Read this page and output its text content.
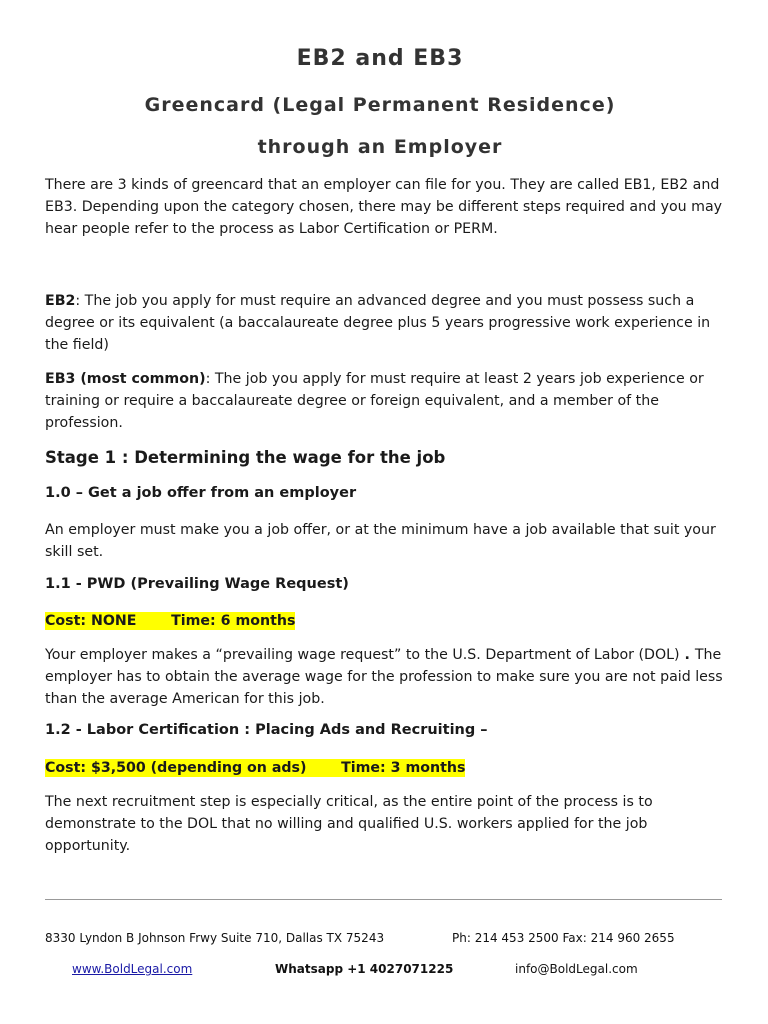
EB2 and EB3
Greencard (Legal Permanent Residence)
through an Employer
There are 3 kinds of greencard that an employer can file for you. They are called EB1, EB2 and EB3. Depending upon the category chosen, there may be different steps required and you may hear people refer to the process as Labor Certification or PERM.
EB2: The job you apply for must require an advanced degree and you must possess such a degree or its equivalent (a baccalaureate degree plus 5 years progressive work experience in the field)
EB3 (most common): The job you apply for must require at least 2 years job experience or training or require a baccalaureate degree or foreign equivalent, and a member of the profession.
Stage 1 : Determining the wage for the job
1.0 – Get a job offer from an employer
An employer must make you a job offer, or at the minimum have a job available that suit your skill set.
1.1 - PWD (Prevailing Wage Request)
Cost: NONE Time: 6 months
Your employer makes a “prevailing wage request” to the U.S. Department of Labor (DOL) . The employer has to obtain the average wage for the profession to make sure you are not paid less than the average American for this job.
1.2 - Labor Certification : Placing Ads and Recruiting –
Cost: $3,500 (depending on ads) Time: 3 months
The next recruitment step is especially critical, as the entire point of the process is to demonstrate to the DOL that no willing and qualified U.S. workers applied for the job opportunity.
8330 Lyndon B Johnson Frwy Suite 710, Dallas TX 75243	Ph: 214 453 2500 Fax: 214 960 2655
www.BoldLegal.com	Whatsapp +1 4027071225	info@BoldLegal.com
